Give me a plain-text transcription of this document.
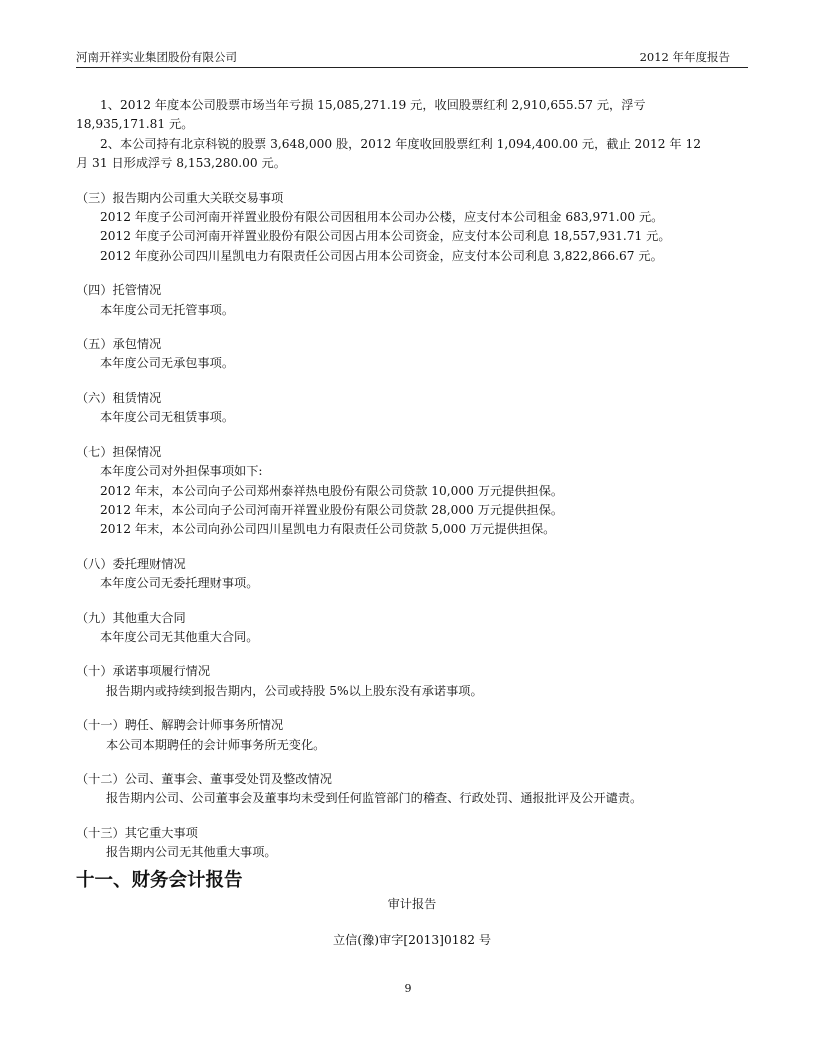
河南开祥实业集团股份有限公司	2012 年年度报告
1、2012 年度本公司股票市场当年亏损 15,085,271.19 元，收回股票红利 2,910,655.57 元，浮亏
18,935,171.81 元。
2、本公司持有北京科锐的股票 3,648,000 股，2012 年度收回股票红利 1,094,400.00 元，截止 2012 年 12
月 31 日形成浮亏 8,153,280.00 元。
（三）报告期内公司重大关联交易事项
2012 年度子公司河南开祥置业股份有限公司因租用本公司办公楼，应支付本公司租金 683,971.00 元。
2012 年度子公司河南开祥置业股份有限公司因占用本公司资金，应支付本公司利息 18,557,931.71 元。
2012 年度孙公司四川星凯电力有限责任公司因占用本公司资金，应支付本公司利息 3,822,866.67 元。
（四）托管情况
本年度公司无托管事项。
（五）承包情况
本年度公司无承包事项。
（六）租赁情况
本年度公司无租赁事项。
（七）担保情况
本年度公司对外担保事项如下:
2012 年末，本公司向子公司郑州泰祥热电股份有限公司贷款 10,000 万元提供担保。
2012 年末，本公司向子公司河南开祥置业股份有限公司贷款 28,000 万元提供担保。
2012 年末，本公司向孙公司四川星凯电力有限责任公司贷款 5,000 万元提供担保。
（八）委托理财情况
本年度公司无委托理财事项。
（九）其他重大合同
本年度公司无其他重大合同。
（十）承诺事项履行情况
报告期内或持续到报告期内，公司或持股 5%以上股东没有承诺事项。
（十一）聘任、解聘会计师事务所情况
本公司本期聘任的会计师事务所无变化。
（十二）公司、董事会、董事受处罚及整改情况
报告期内公司、公司董事会及董事均未受到任何监管部门的稽查、行政处罚、通报批评及公开谴责。
（十三）其它重大事项
报告期内公司无其他重大事项。
十一、财务会计报告
审计报告
立信(豫)审字[2013]0182 号
9
